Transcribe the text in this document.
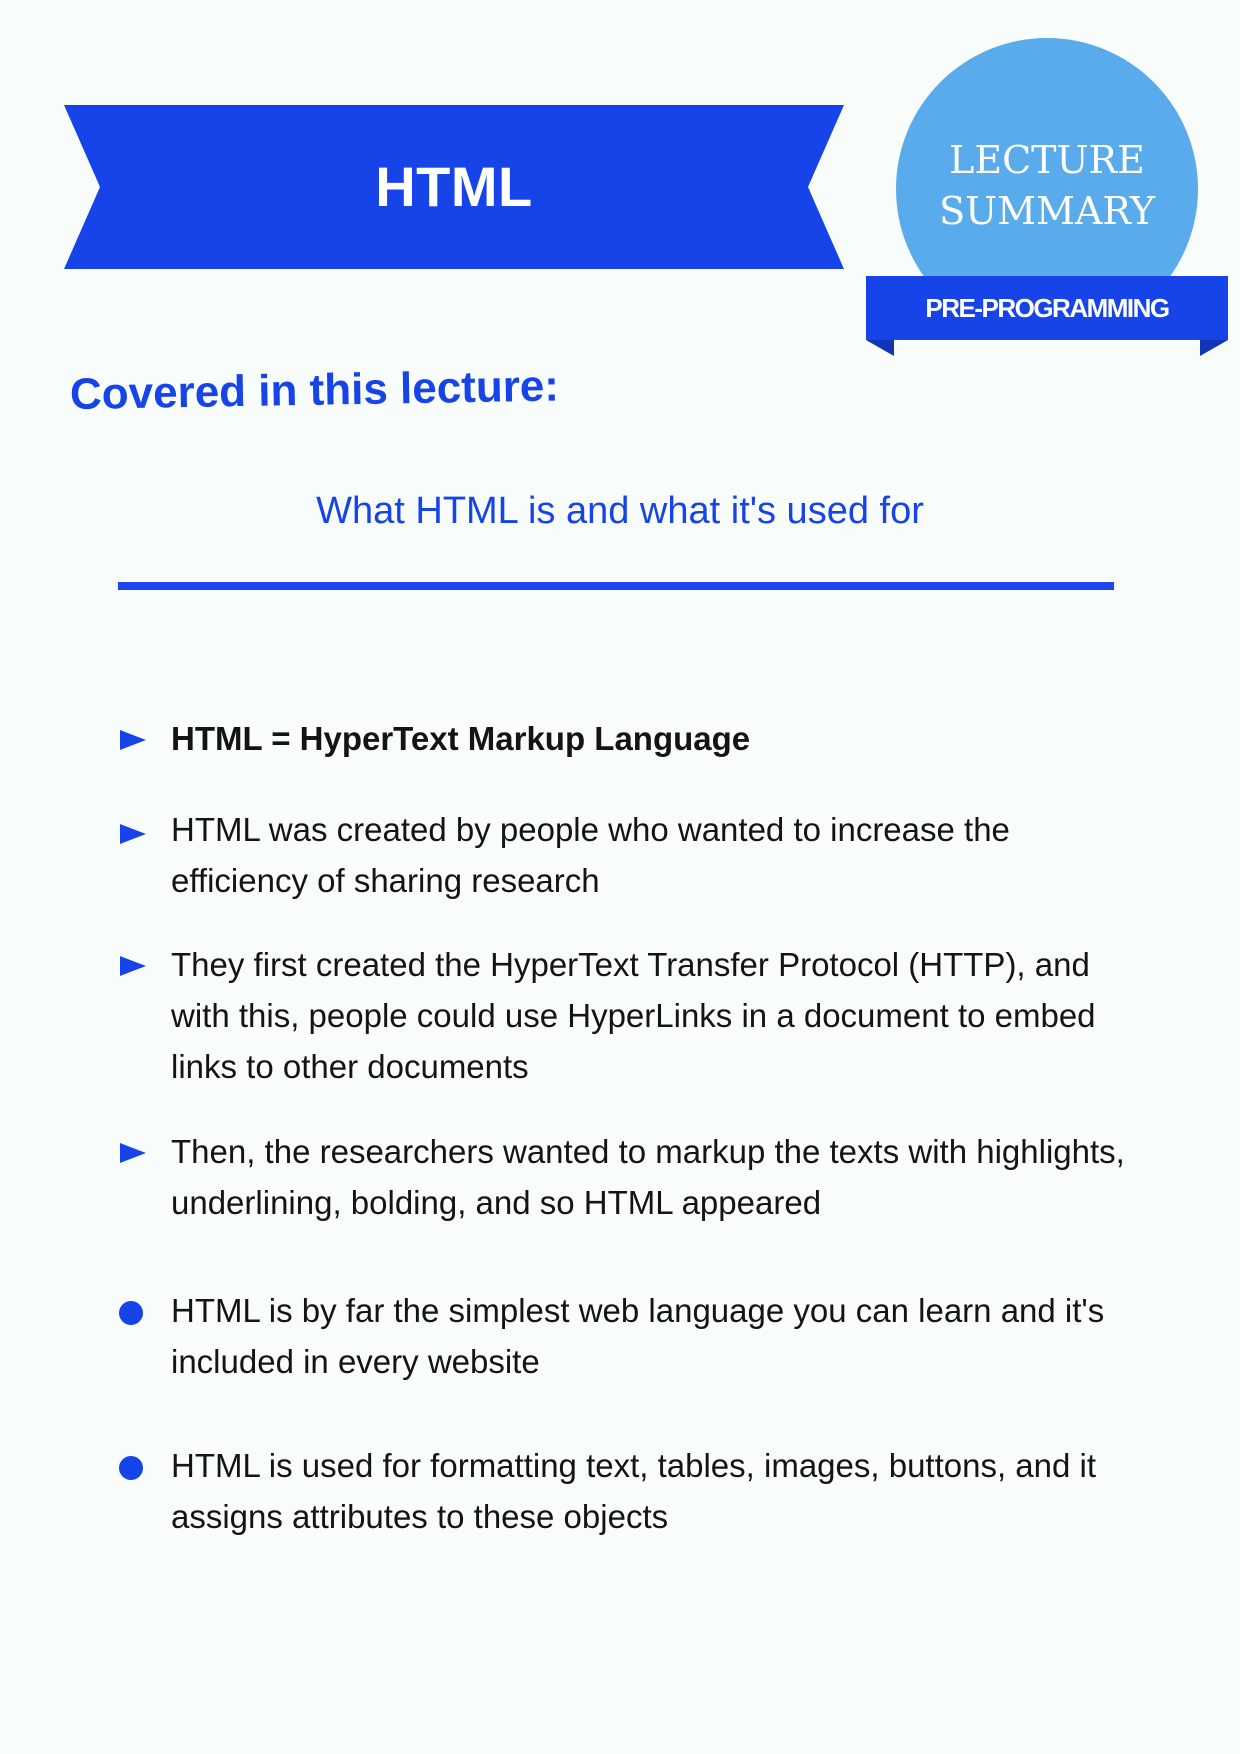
HTML	LECTURE
SUMMARY
PRE-PROGRAMMING
Covered in this lecture:
What HTML is and what it's used for
HTML = HyperText Markup Language
HTML was created by people who wanted to increase the efficiency of sharing research
They first created the HyperText Transfer Protocol (HTTP), and with this, people could use HyperLinks in a document to embed links to other documents
Then, the researchers wanted to markup the texts with highlights, underlining, bolding, and so HTML appeared
HTML is by far the simplest web language you can learn and it's included in every website
HTML is used for formatting text, tables, images, buttons, and it assigns attributes to these objects
